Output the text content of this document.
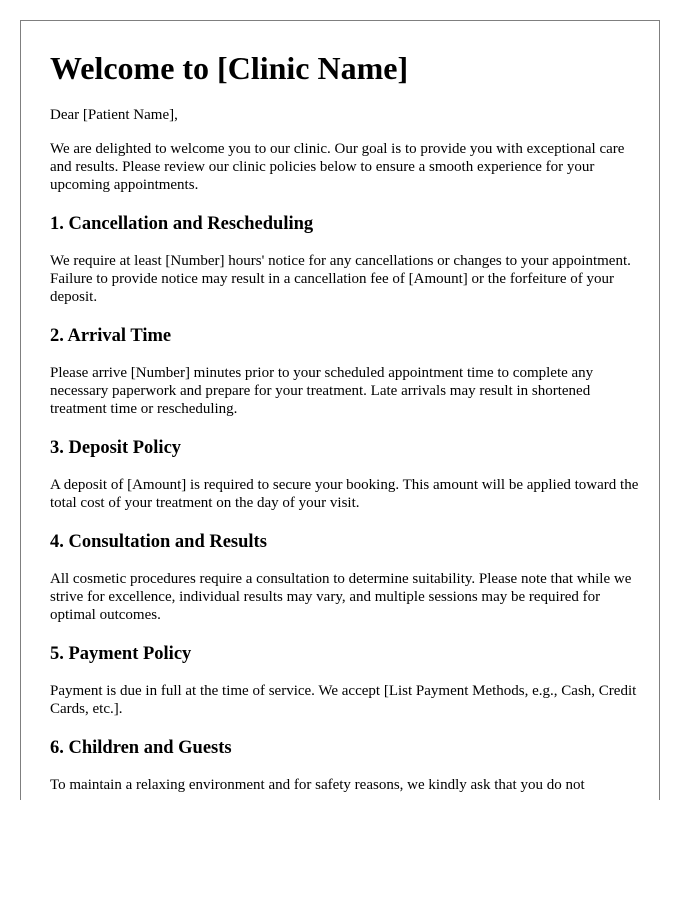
Welcome to [Clinic Name]

Dear [Patient Name],

We are delighted to welcome you to our clinic. Our goal is to provide you with exceptional care and results. Please review our clinic policies below to ensure a smooth experience for your upcoming appointments.

1. Cancellation and Rescheduling

We require at least [Number] hours' notice for any cancellations or changes to your appointment. Failure to provide notice may result in a cancellation fee of [Amount] or the forfeiture of your deposit.

2. Arrival Time

Please arrive [Number] minutes prior to your scheduled appointment time to complete any necessary paperwork and prepare for your treatment. Late arrivals may result in shortened treatment time or rescheduling.

3. Deposit Policy

A deposit of [Amount] is required to secure your booking. This amount will be applied toward the total cost of your treatment on the day of your visit.

4. Consultation and Results

All cosmetic procedures require a consultation to determine suitability. Please note that while we strive for excellence, individual results may vary, and multiple sessions may be required for optimal outcomes.

5. Payment Policy

Payment is due in full at the time of service. We accept [List Payment Methods, e.g., Cash, Credit Cards, etc.].

6. Children and Guests

To maintain a relaxing environment and for safety reasons, we kindly ask that you do not
